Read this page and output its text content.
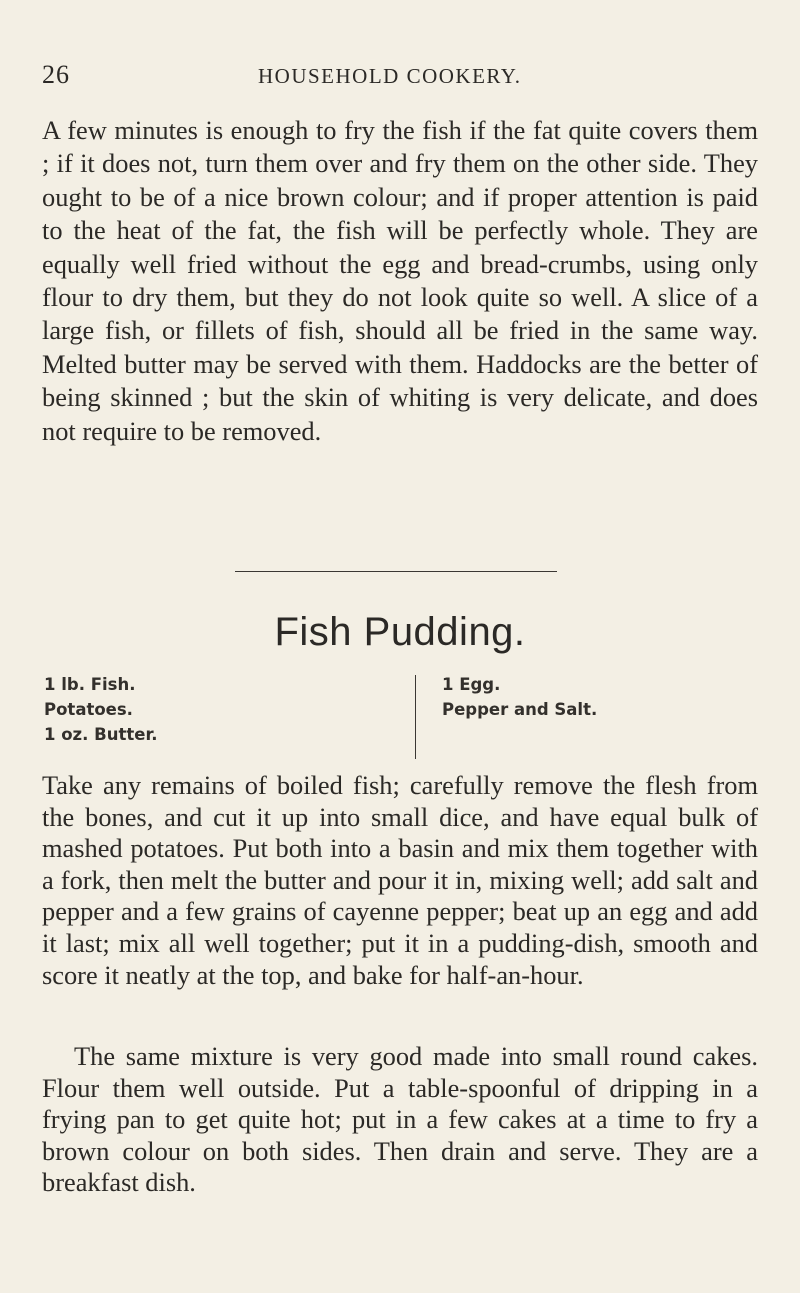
26	HOUSEHOLD COOKERY.

A few minutes is enough to fry the fish if the fat quite covers them ; if it does not, turn them over and fry them on the other side. They ought to be of a nice brown colour; and if proper attention is paid to the heat of the fat, the fish will be perfectly whole. They are equally well fried without the egg and bread-crumbs, using only flour to dry them, but they do not look quite so well. A slice of a large fish, or fillets of fish, should all be fried in the same way. Melted butter may be served with them. Haddocks are the better of being skinned ; but the skin of whiting is very delicate, and does not require to be removed.

Fish Pudding.
1 lb. Fish.
Potatoes.
1 oz. Butter.
1 Egg.
Pepper and Salt.

Take any remains of boiled fish; carefully remove the flesh from the bones, and cut it up into small dice, and have equal bulk of mashed potatoes. Put both into a basin and mix them together with a fork, then melt the butter and pour it in, mixing well; add salt and pepper and a few grains of cayenne pepper; beat up an egg and add it last; mix all well together; put it in a pudding-dish, smooth and score it neatly at the top, and bake for half-an-hour.

The same mixture is very good made into small round cakes. Flour them well outside. Put a table-spoonful of dripping in a frying pan to get quite hot; put in a few cakes at a time to fry a brown colour on both sides. Then drain and serve. They are a breakfast dish.
